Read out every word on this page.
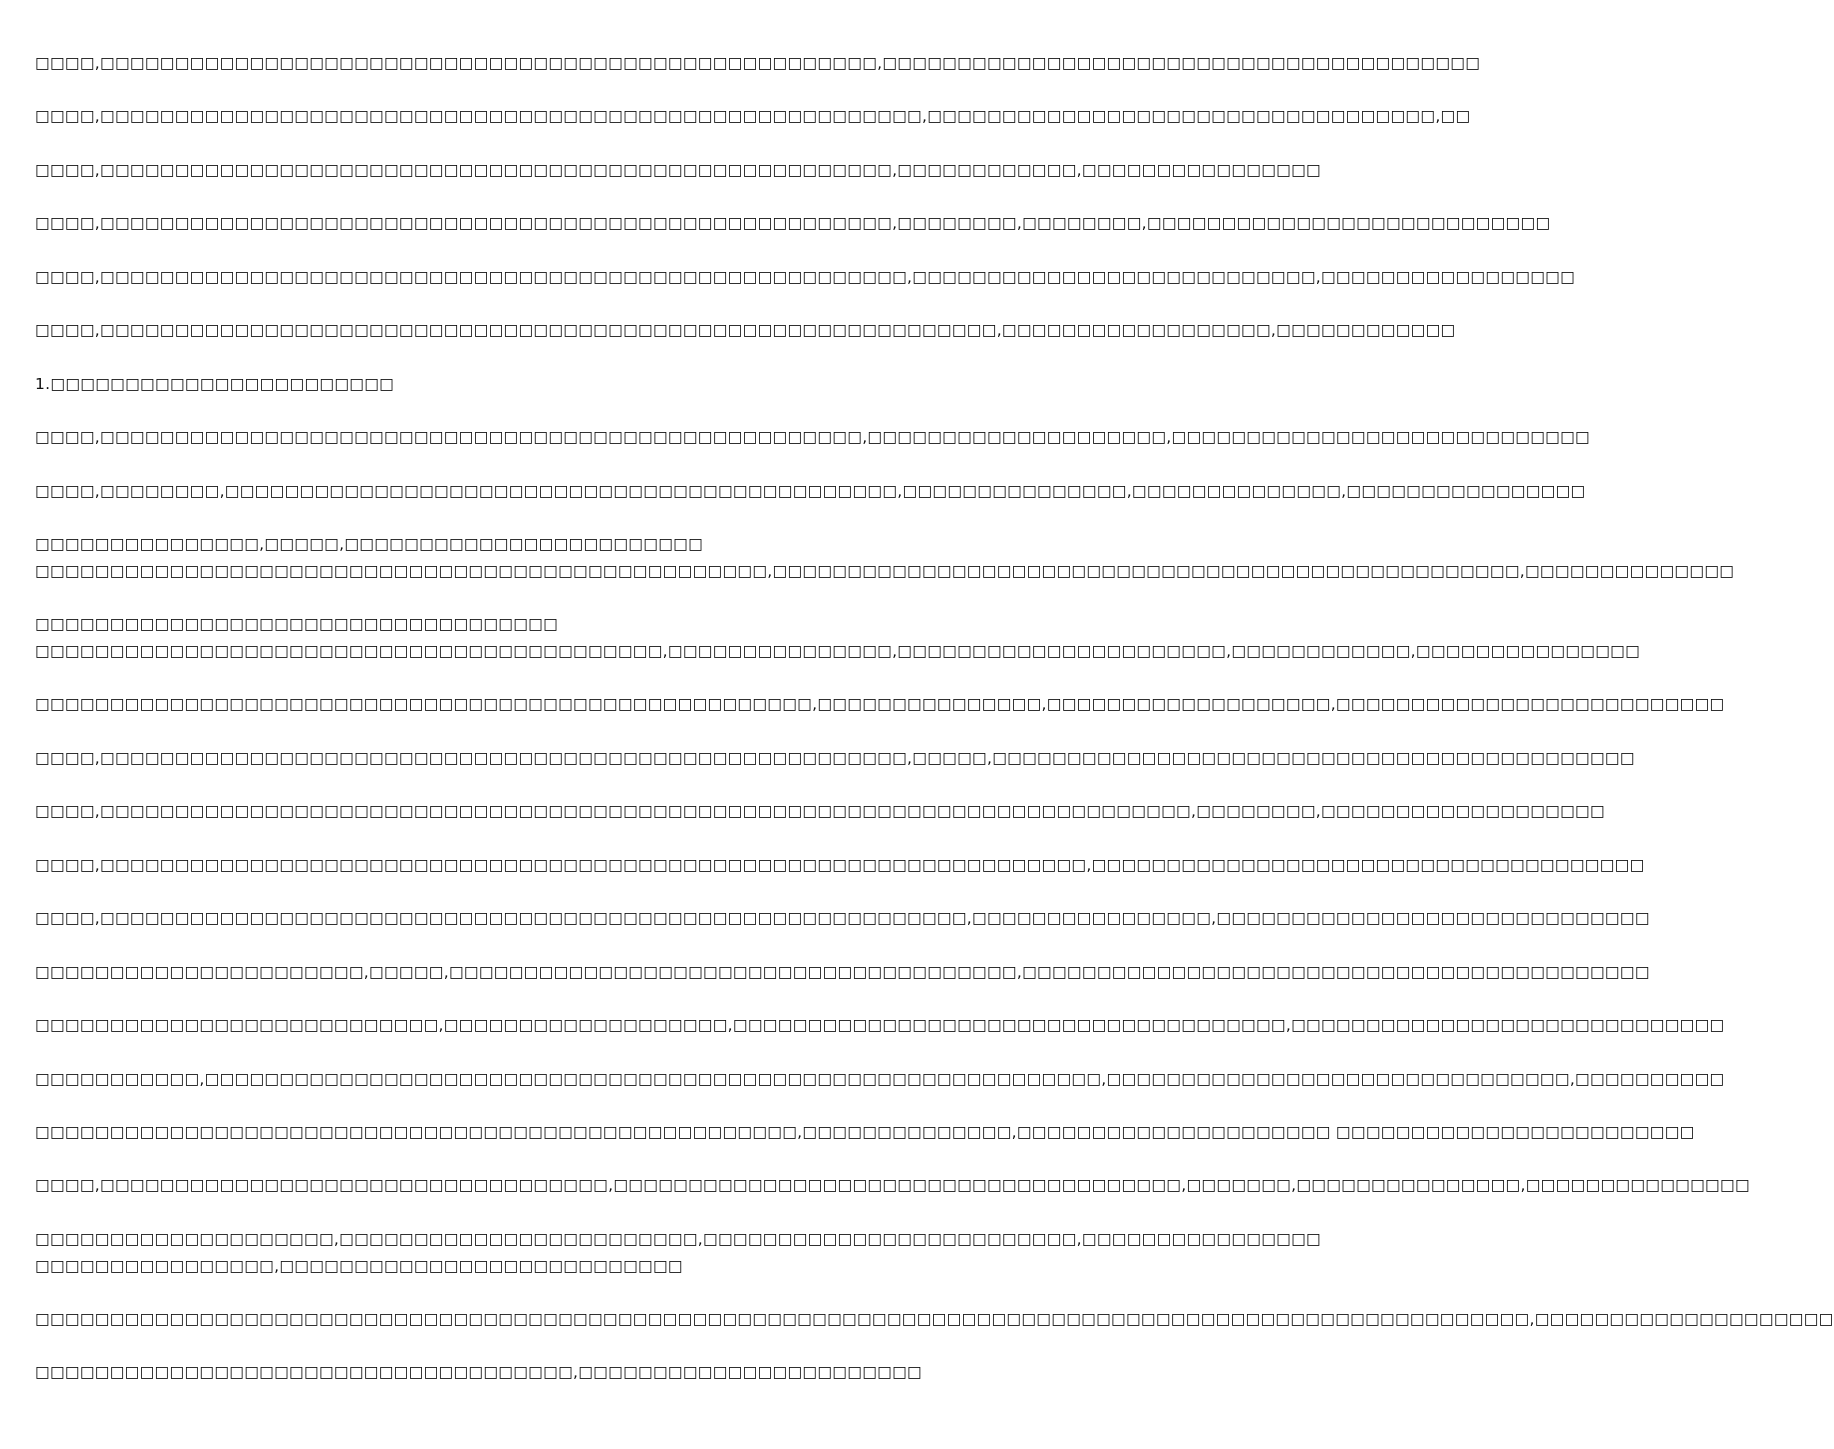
□□□□,□□□□□□□□□□□□□□□□□□□□□□□□□□□□□□□□□□□□□□□□□□□□□□□□□□□□,□□□□□□□□□□□□□□□□□□□□□□□□□□□□□□□□□□□□□□□□
□□□□,□□□□□□□□□□□□□□□□□□□□□□□□□□□□□□□□□□□□□□□□□□□□□□□□□□□□□□□,□□□□□□□□□□□□□□□□□□□□□□□□□□□□□□□□□□,□□
□□□□,□□□□□□□□□□□□□□□□□□□□□□□□□□□□□□□□□□□□□□□□□□□□□□□□□□□□□,□□□□□□□□□□□□,□□□□□□□□□□□□□□□□
□□□□,□□□□□□□□□□□□□□□□□□□□□□□□□□□□□□□□□□□□□□□□□□□□□□□□□□□□□,□□□□□□□□,□□□□□□□□,□□□□□□□□□□□□□□□□□□□□□□□□□□□
□□□□,□□□□□□□□□□□□□□□□□□□□□□□□□□□□□□□□□□□□□□□□□□□□□□□□□□□□□□,□□□□□□□□□□□□□□□□□□□□□□□□□□□,□□□□□□□□□□□□□□□□□
□□□□,□□□□□□□□□□□□□□□□□□□□□□□□□□□□□□□□□□□□□□□□□□□□□□□□□□□□□□□□□□□□,□□□□□□□□□□□□□□□□□□,□□□□□□□□□□□□
1.□□□□□□□□□□□□□□□□□□□□□□□
□□□□,□□□□□□□□□□□□□□□□□□□□□□□□□□□□□□□□□□□□□□□□□□□□□□□□□□□,□□□□□□□□□□□□□□□□□□□□,□□□□□□□□□□□□□□□□□□□□□□□□□□□□
□□□□,□□□□□□□□,□□□□□□□□□□□□□□□□□□□□□□□□□□□□□□□□□□□□□□□□□□□□□,□□□□□□□□□□□□□□□,□□□□□□□□□□□□□□,□□□□□□□□□□□□□□□□
□□□□□□□□□□□□□□□,□□□□□,□□□□□□□□□□□□□□□□□□□□□□□□
□□□□□□□□□□□□□□□□□□□□□□□□□□□□□□□□□□□□□□□□□□□□□□□□□,□□□□□□□□□□□□□□□□□□□□□□□□□□□□□□□□□□□□□□□□□□□□□□□□□□,□□□□□□□□□□□□□□
□□□□□□□□□□□□□□□□□□□□□□□□□□□□□□□□□□□
□□□□□□□□□□□□□□□□□□□□□□□□□□□□□□□□□□□□□□□□□□,□□□□□□□□□□□□□□□,□□□□□□□□□□□□□□□□□□□□□□,□□□□□□□□□□□□,□□□□□□□□□□□□□□□
□□□□□□□□□□□□□□□□□□□□□□□□□□□□□□□□□□□□□□□□□□□□□□□□□□□□,□□□□□□□□□□□□□□□,□□□□□□□□□□□□□□□□□□□,□□□□□□□□□□□□□□□□□□□□□□□□□□
□□□□,□□□□□□□□□□□□□□□□□□□□□□□□□□□□□□□□□□□□□□□□□□□□□□□□□□□□□□,□□□□□,□□□□□□□□□□□□□□□□□□□□□□□□□□□□□□□□□□□□□□□□□□□
□□□□,□□□□□□□□□□□□□□□□□□□□□□□□□□□□□□□□□□□□□□□□□□□□□□□□□□□□□□□□□□□□□□□□□□□□□□□□□,□□□□□□□□,□□□□□□□□□□□□□□□□□□□
□□□□,□□□□□□□□□□□□□□□□□□□□□□□□□□□□□□□□□□□□□□□□□□□□□□□□□□□□□□□□□□□□□□□□□□,□□□□□□□□□□□□□□□□□□□□□□□□□□□□□□□□□□□□□
□□□□,□□□□□□□□□□□□□□□□□□□□□□□□□□□□□□□□□□□□□□□□□□□□□□□□□□□□□□□□□□,□□□□□□□□□□□□□□□□,□□□□□□□□□□□□□□□□□□□□□□□□□□□□□
□□□□□□□□□□□□□□□□□□□□□□,□□□□□,□□□□□□□□□□□□□□□□□□□□□□□□□□□□□□□□□□□□□□,□□□□□□□□□□□□□□□□□□□□□□□□□□□□□□□□□□□□□□□□□□
□□□□□□□□□□□□□□□□□□□□□□□□□□□,□□□□□□□□□□□□□□□□□□□,□□□□□□□□□□□□□□□□□□□□□□□□□□□□□□□□□□□□□,□□□□□□□□□□□□□□□□□□□□□□□□□□□□□
□□□□□□□□□□□,□□□□□□□□□□□□□□□□□□□□□□□□□□□□□□□□□□□□□□□□□□□□□□□□□□□□□□□□□□□□,□□□□□□□□□□□□□□□□□□□□□□□□□□□□□□□,□□□□□□□□□□
□□□□□□□□□□□□□□□□□□□□□□□□□□□□□□□□□□□□□□□□□□□□□□□□□□□,□□□□□□□□□□□□□□,□□□□□□□□□□□□□□□□□□□□□ □□□□□□□□□□□□□□□□□□□□□□□□
□□□□,□□□□□□□□□□□□□□□□□□□□□□□□□□□□□□□□□□,□□□□□□□□□□□□□□□□□□□□□□□□□□□□□□□□□□□□□□,□□□□□□□,□□□□□□□□□□□□□□□,□□□□□□□□□□□□□□□
□□□□□□□□□□□□□□□□□□□□,□□□□□□□□□□□□□□□□□□□□□□□□,□□□□□□□□□□□□□□□□□□□□□□□□□,□□□□□□□□□□□□□□□□
□□□□□□□□□□□□□□□□,□□□□□□□□□□□□□□□□□□□□□□□□□□□
□□□□□□□□□□□□□□□□□□□□□□□□□□□□□□□□□□□□□□□□□□□□□□□□□□□□□□□□□□□□□□□□□□□□□□□□□□□□□□□□□□□□□□□□□□□□□□□□□□□□,□□□□□□□□□□□□□□□□□□□□
□□□□□□□□□□□□□□□□□□□□□□□□□□□□□□□□□□□□,□□□□□□□□□□□□□□□□□□□□□□□
